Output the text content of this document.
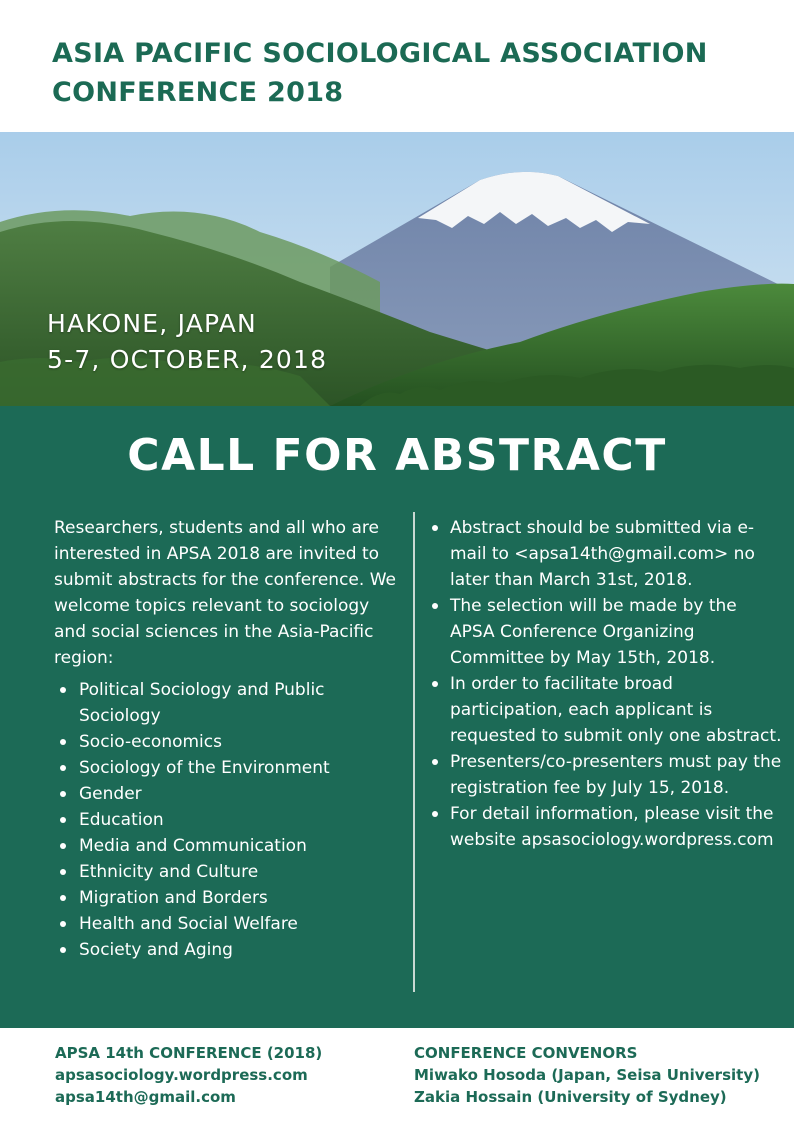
ASIA PACIFIC SOCIOLOGICAL ASSOCIATION
CONFERENCE 2018
HAKONE, JAPAN
5-7, OCTOBER, 2018
CALL FOR ABSTRACT

Researchers, students and all who are interested in APSA 2018 are invited to submit abstracts for the conference. We welcome topics relevant to sociology and social sciences in the Asia-Pacific region:

Political Sociology and Public Sociology
Socio-economics
Sociology of the Environment
Gender
Education
Media and Communication
Ethnicity and Culture
Migration and Borders
Health and Social Welfare
Society and Aging
Abstract should be submitted via e-mail to <apsa14th@gmail.com> no later than March 31st, 2018.
The selection will be made by the APSA Conference Organizing Committee by May 15th, 2018.
In order to facilitate broad participation, each applicant is requested to submit only one abstract.
Presenters/co-presenters must pay the registration fee by July 15, 2018.
For detail information, please visit the website apsasociology.wordpress.com
APSA 14th CONFERENCE (2018)
apsasociology.wordpress.com
apsa14th@gmail.com
CONFERENCE CONVENORS
Miwako Hosoda (Japan, Seisa University)
Zakia Hossain (University of Sydney)
